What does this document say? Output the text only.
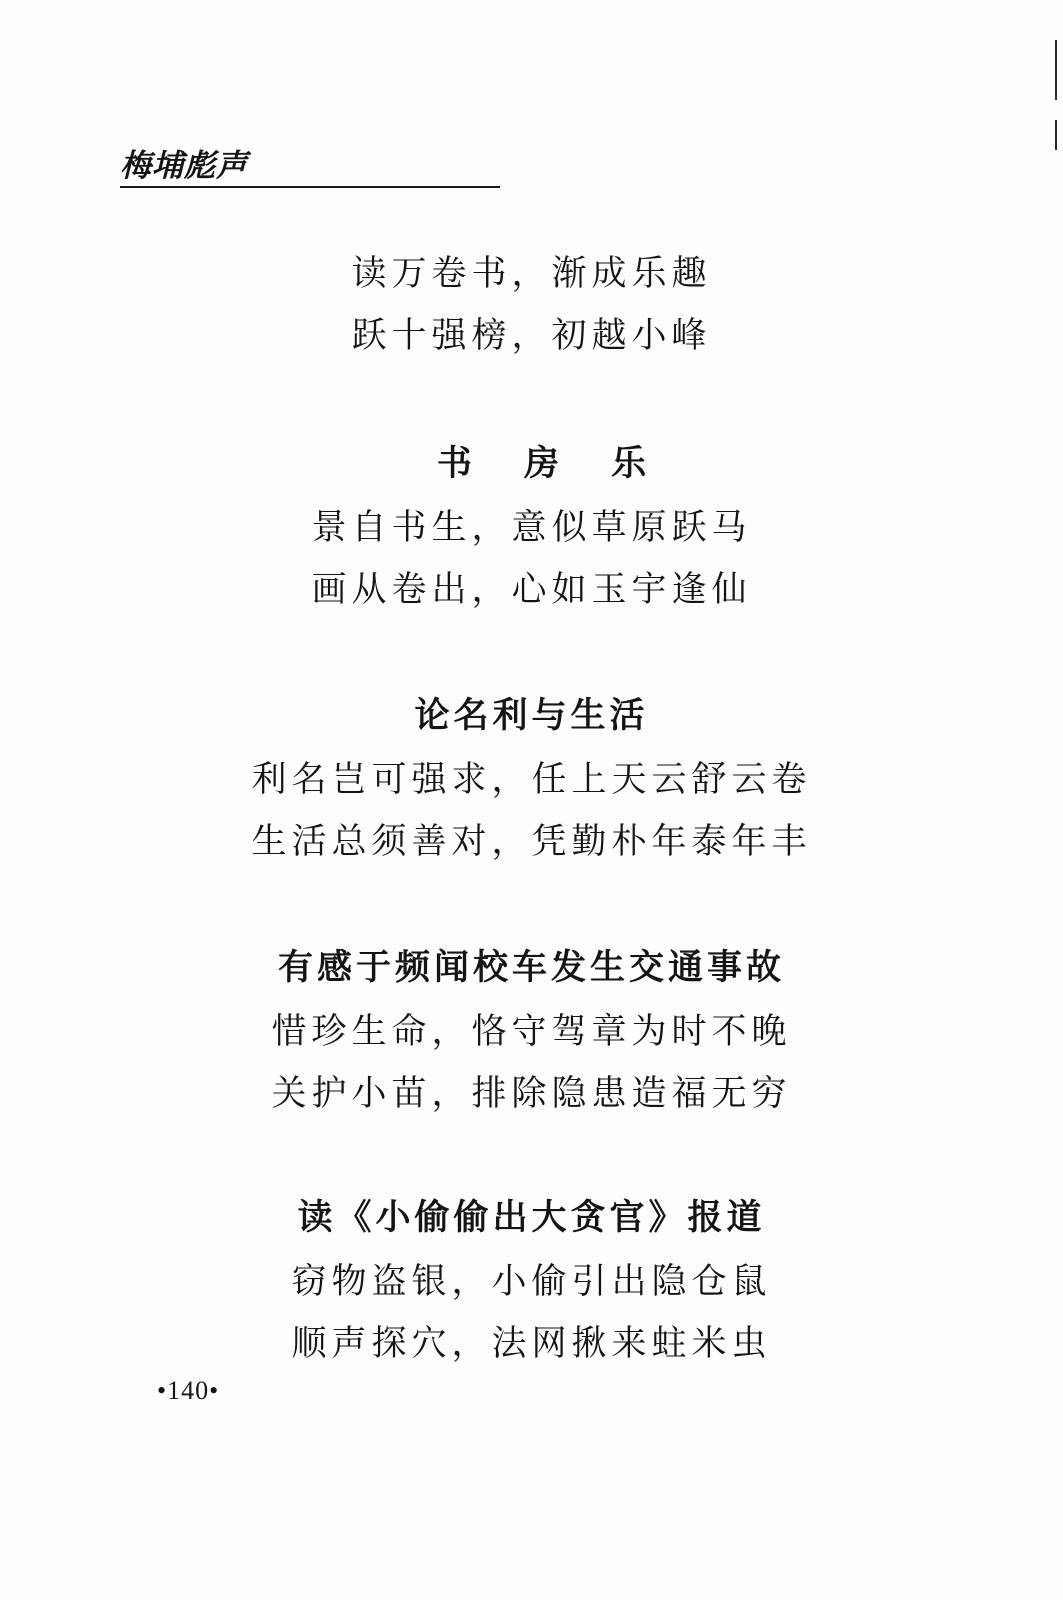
梅埔彪声
读万卷书，渐成乐趣
跃十强榜，初越小峰
书 房 乐
景自书生，意似草原跃马
画从卷出，心如玉宇逢仙
论名利与生活
利名岂可强求，任上天云舒云卷
生活总须善对，凭勤朴年泰年丰
有感于频闻校车发生交通事故
惜珍生命，恪守驾章为时不晚
关护小苗，排除隐患造福无穷
读《小偷偷出大贪官》报道
窃物盗银，小偷引出隐仓鼠
顺声探穴，法网揪来蛀米虫
•140•
